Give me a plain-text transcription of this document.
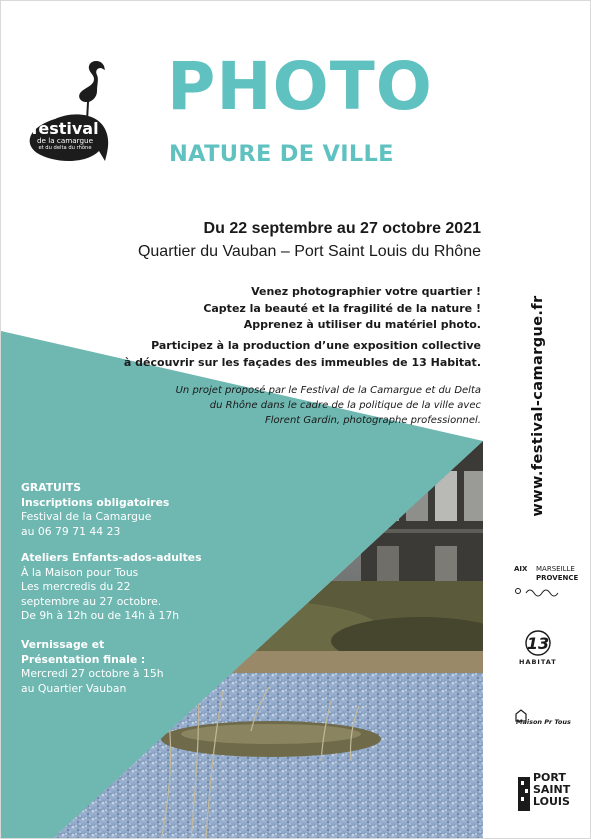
festival
de la camargue
et du delta du rhône
PHOTO
NATURE DE VILLE
Du 22 septembre au 27 octobre 2021
Quartier du Vauban – Port Saint Louis du Rhône
Venez photographier votre quartier !
Captez la beauté et la fragilité de la nature !
Apprenez à utiliser du matériel photo.
Participez à la production d’une exposition collective
à découvrir sur les façades des immeubles de 13 Habitat.
Un projet proposé par le Festival de la Camargue et du Delta
du Rhône dans le cadre de la politique de la ville avec
Florent Gardin, photographe professionnel.
GRATUITS
Inscriptions obligatoires
Festival de la Camargue
au 06 79 71 44 23
Ateliers Enfants-ados-adultes
À la Maison pour Tous
Les mercredis du 22
septembre au 27 octobre.
De 9h à 12h ou de 14h à 17h
Vernissage et
Présentation finale :
Mercredi 27 octobre à 15h
au Quartier Vauban
www.festival-camargue.fr
AIX MARSEILLE
PROVENCE
13
HABITAT
Maison Pr Tous
PORT
SAINT
LOUIS
